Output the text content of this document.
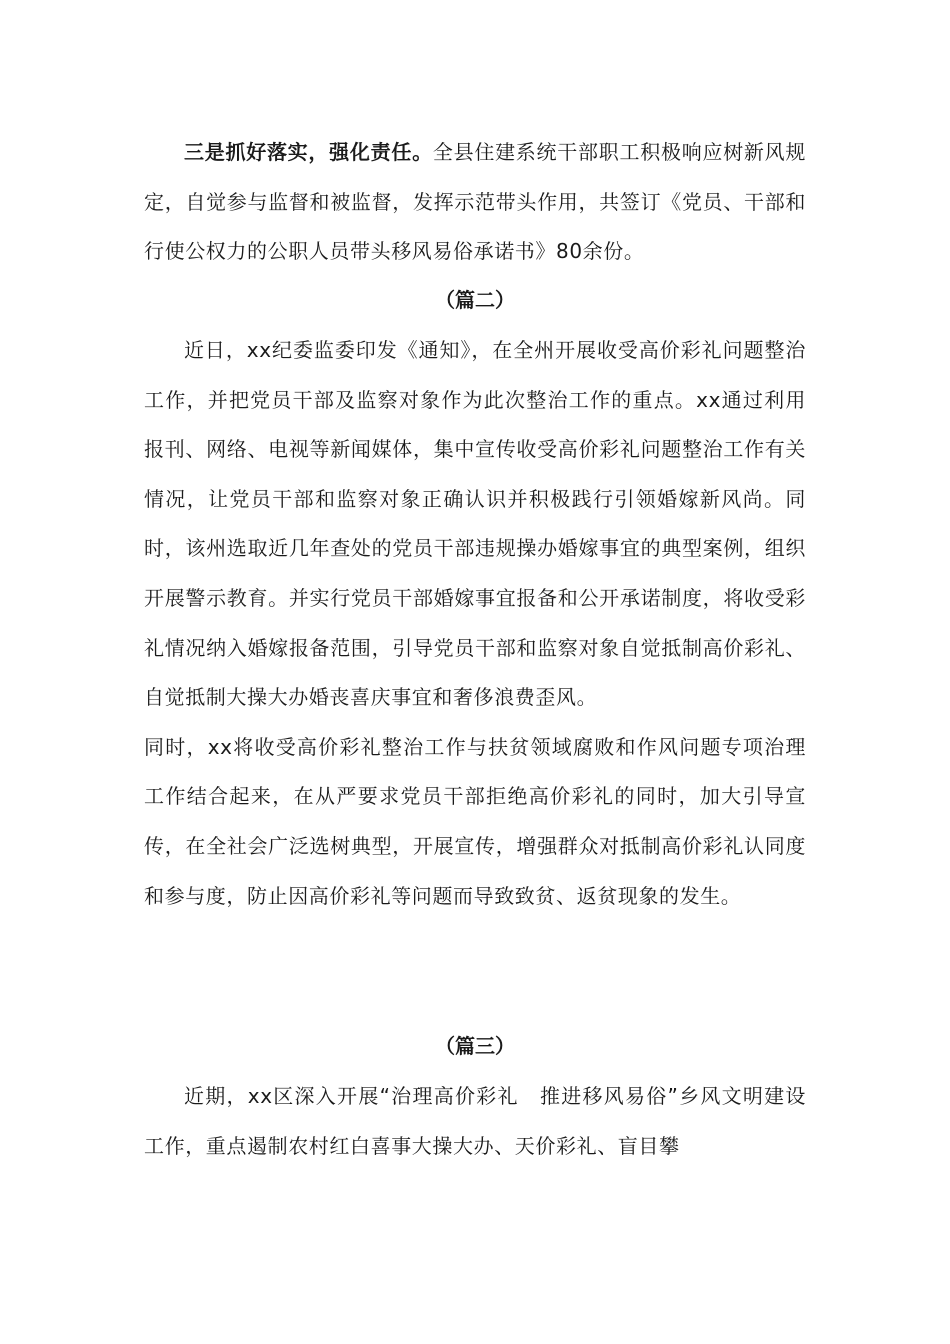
三是抓好落实，强化责任。全县住建系统干部职工积极响应树新风规定，自觉参与监督和被监督，发挥示范带头作用，共签订《党员、干部和行使公权力的公职人员带头移风易俗承诺书》80余份。

（篇二）

近日，xx纪委监委印发《通知》，在全州开展收受高价彩礼问题整治工作，并把党员干部及监察对象作为此次整治工作的重点。xx通过利用报刊、网络、电视等新闻媒体，集中宣传收受高价彩礼问题整治工作有关情况，让党员干部和监察对象正确认识并积极践行引领婚嫁新风尚。同时，该州选取近几年查处的党员干部违规操办婚嫁事宜的典型案例，组织开展警示教育。并实行党员干部婚嫁事宜报备和公开承诺制度，将收受彩礼情况纳入婚嫁报备范围，引导党员干部和监察对象自觉抵制高价彩礼、自觉抵制大操大办婚丧喜庆事宜和奢侈浪费歪风。

同时，xx将收受高价彩礼整治工作与扶贫领域腐败和作风问题专项治理工作结合起来，在从严要求党员干部拒绝高价彩礼的同时，加大引导宣传，在全社会广泛选树典型，开展宣传，增强群众对抵制高价彩礼认同度和参与度，防止因高价彩礼等问题而导致致贫、返贫现象的发生。

（篇三）

近期，xx区深入开展“治理高价彩礼　推进移风易俗”乡风文明建设工作，重点遏制农村红白喜事大操大办、天价彩礼、盲目攀
